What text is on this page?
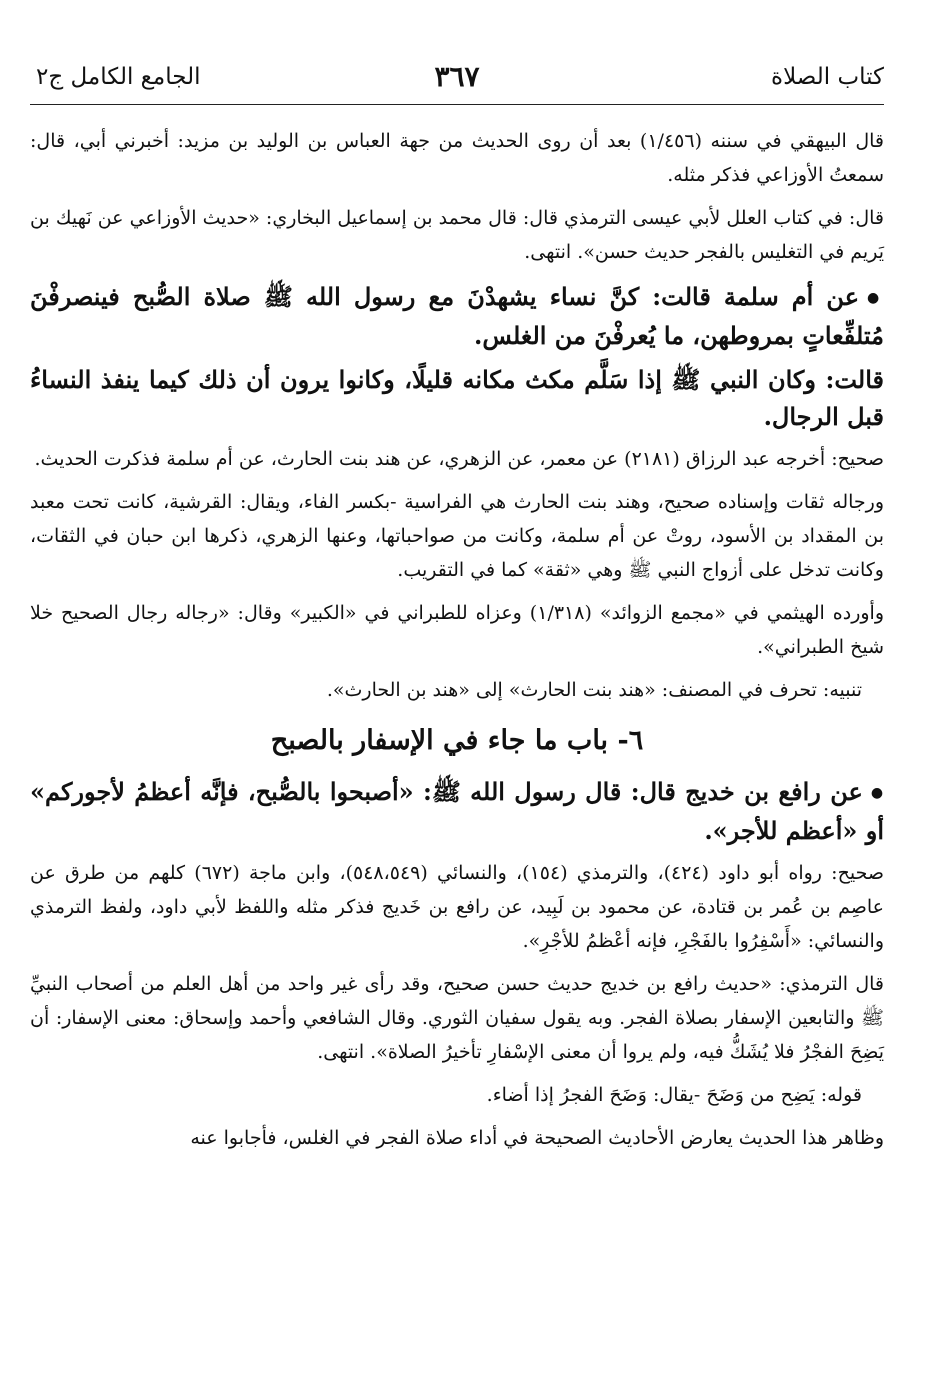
كتاب الصلاة
٣٦٧
الجامع الكامل ج٢

قال البيهقي في سننه (١/٤٥٦) بعد أن روى الحديث من جهة العباس بن الوليد بن مزيد: أخبرني أبي، قال: سمعتُ الأوزاعي فذكر مثله.

قال: في كتاب العلل لأبي عيسى الترمذي قال: قال محمد بن إسماعيل البخاري: «حديث الأوزاعي عن نَهيك بن يَريم في التغليس بالفجر حديث حسن». انتهى.

●عن أم سلمة قالت: كنَّ نساء يشهدْنَ مع رسول الله ﷺ صلاة الصُّبح فينصرفْنَ مُتلفِّعاتٍ بمروطهن، ما يُعرفْنَ من الغلس.

قالت: وكان النبي ﷺ إذا سَلَّم مكث مكانه قليلًا، وكانوا يرون أن ذلك كيما ينفذ النساءُ قبل الرجال.

صحيح: أخرجه عبد الرزاق (٢١٨١) عن معمر، عن الزهري، عن هند بنت الحارث، عن أم سلمة فذكرت الحديث.

ورجاله ثقات وإسناده صحيح، وهند بنت الحارث هي الفراسية -بكسر الفاء، ويقال: القرشية، كانت تحت معبد بن المقداد بن الأسود، روتْ عن أم سلمة، وكانت من صواحباتها، وعنها الزهري، ذكرها ابن حبان في الثقات، وكانت تدخل على أزواج النبي ﷺ وهي «ثقة» كما في التقريب.

وأورده الهيثمي في «مجمع الزوائد» (١/٣١٨) وعزاه للطبراني في «الكبير» وقال: «رجاله رجال الصحيح خلا شيخ الطبراني».

تنبيه: تحرف في المصنف: «هند بنت الحارث» إلى «هند بن الحارث».

٦- باب ما جاء في الإسفار بالصبح

●عن رافع بن خديج قال: قال رسول الله ﷺ: «أصبحوا بالصُّبح، فإنَّه أعظمُ لأجوركم» أو «أعظم للأجر».

صحيح: رواه أبو داود (٤٢٤)، والترمذي (١٥٤)، والنسائي (٥٤٨،٥٤٩)، وابن ماجة (٦٧٢) كلهم من طرق عن عاصِم بن عُمر بن قتادة، عن محمود بن لَبِيد، عن رافع بن خَديج فذكر مثله واللفظ لأبي داود، ولفظ الترمذي والنسائي: «أَسْفِرُوا بالفَجْرِ، فإنه أعْظمُ للأجْرِ».

قال الترمذي: «حديث رافع بن خديج حديث حسن صحيح، وقد رأى غير واحد من أهل العلم من أصحاب النبيِّ ﷺ والتابعين الإسفار بصلاة الفجر. وبه يقول سفيان الثوري. وقال الشافعي وأحمد وإسحاق: معنى الإسفار: أن يَضِحَ الفجْرُ فلا يُشَكُّ فيه، ولم يروا أن معنى الإسْفارِ تأخيرُ الصلاة». انتهى.

قوله: يَضِح من وَضَحَ -يقال: وَضَحَ الفجرُ إذا أضاء.

وظاهر هذا الحديث يعارض الأحاديث الصحيحة في أداء صلاة الفجر في الغلس، فأجابوا عنه
